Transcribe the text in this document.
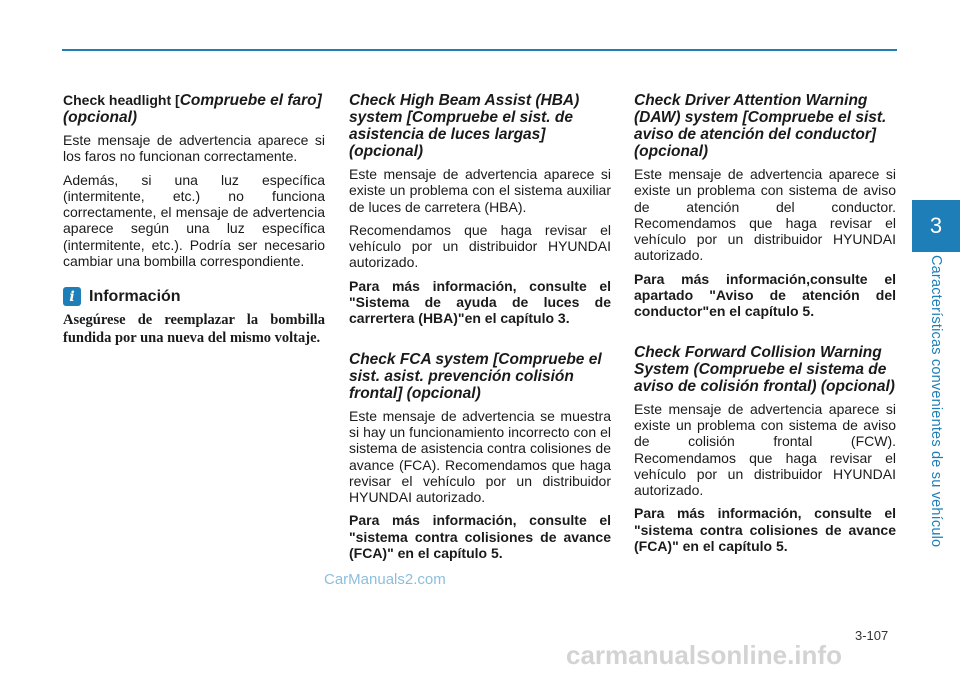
3
Características convenientes de su vehículo
Check headlight [Compruebe el faro] (opcional)

Este mensaje de advertencia aparece si los faros no funcionan correctamente.

Además, si una luz específica (intermitente, etc.) no funciona correctamente, el mensaje de advertencia aparece según una luz específica (intermitente, etc.). Podría ser necesario cambiar una bombilla correspondiente.

i Información

Asegúrese de reemplazar la bombilla fundida por una nueva del mismo voltaje.

Check High Beam Assist (HBA) system [Compruebe el sist. de asistencia de luces largas] (opcional)

Este mensaje de advertencia aparece si existe un problema con el sistema auxiliar de luces de carretera (HBA).

Recomendamos que haga revisar el vehículo por un distribuidor HYUNDAI autorizado.

Para más información, consulte el "Sistema de ayuda de luces de carrertera (HBA)"en el capítulo 3.

Check FCA system [Compruebe el sist. asist. prevención colisión frontal] (opcional)

Este mensaje de advertencia se muestra si hay un funcionamiento incorrecto con el sistema de asistencia contra colisiones de avance (FCA). Recomendamos que haga revisar el vehículo por un distribuidor HYUNDAI autorizado.

Para más información, consulte el "sistema contra colisiones de avance (FCA)" en el capítulo 5.

Check Driver Attention Warning (DAW) system [Compruebe el sist. aviso de atención del conductor] (opcional)

Este mensaje de advertencia aparece si existe un problema con sistema de aviso de atención del conductor. Recomendamos que haga revisar el vehículo por un distribuidor HYUNDAI autorizado.

Para más información,consulte el apartado "Aviso de atención del conductor"en el capítulo 5.

Check Forward Collision Warning System (Compruebe el sistema de aviso de colisión frontal) (opcional)

Este mensaje de advertencia aparece si existe un problema con sistema de aviso de colisión frontal (FCW). Recomendamos que haga revisar el vehículo por un distribuidor HYUNDAI autorizado.

Para más información, consulte el "sistema contra colisiones de avance (FCA)" en el capítulo 5.

3-107
CarManuals2.com
carmanualsonline.info
